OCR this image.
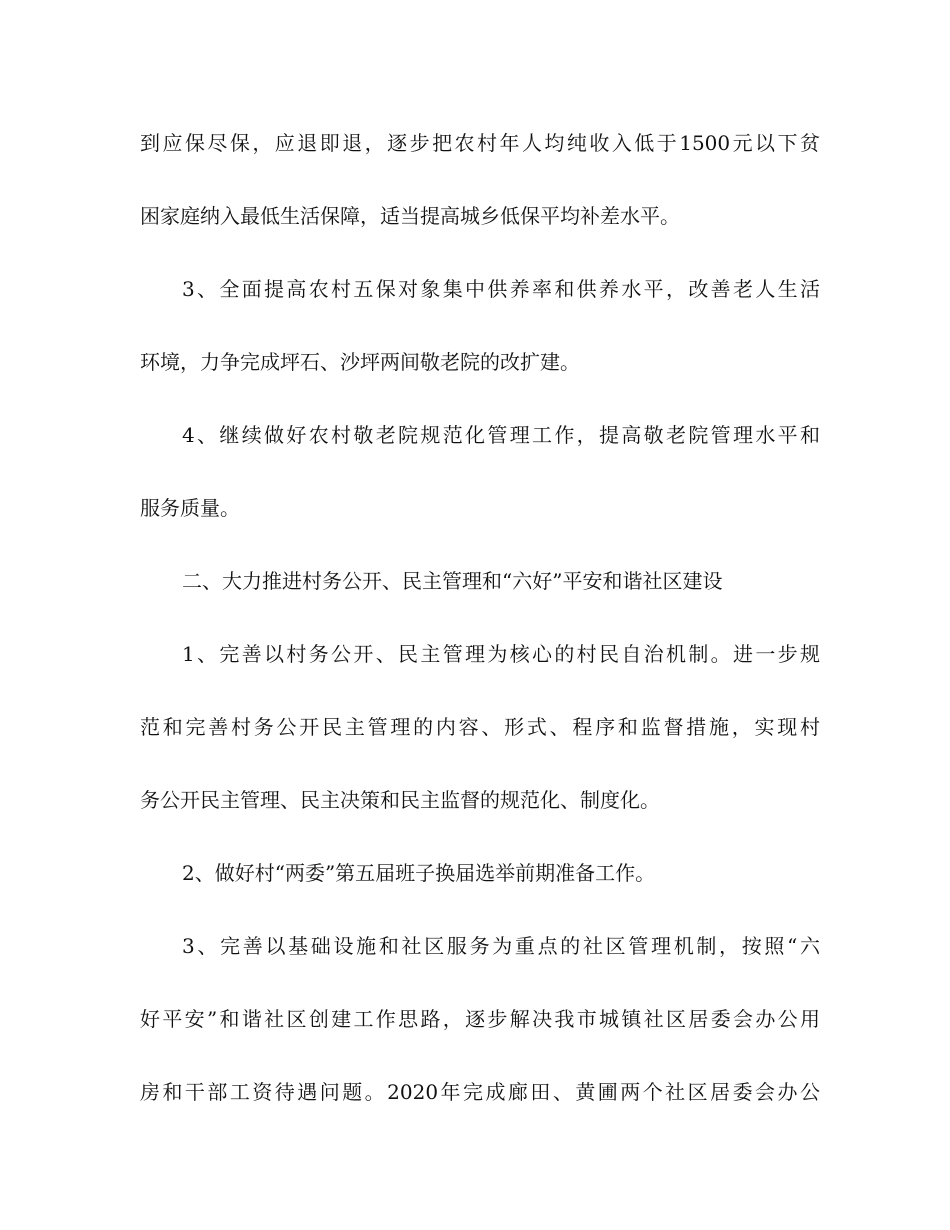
到应保尽保，应退即退，逐步把农村年人均纯收入低于1500元以下贫
困家庭纳入最低生活保障，适当提高城乡低保平均补差水平。
3、全面提高农村五保对象集中供养率和供养水平，改善老人生活
环境，力争完成坪石、沙坪两间敬老院的改扩建。
4、继续做好农村敬老院规范化管理工作，提高敬老院管理水平和
服务质量。
二、大力推进村务公开、民主管理和“六好”平安和谐社区建设
1、完善以村务公开、民主管理为核心的村民自治机制。进一步规
范和完善村务公开民主管理的内容、形式、程序和监督措施，实现村
务公开民主管理、民主决策和民主监督的规范化、制度化。
2、做好村“两委”第五届班子换届选举前期准备工作。
3、完善以基础设施和社区服务为重点的社区管理机制，按照“六
好平安”和谐社区创建工作思路，逐步解决我市城镇社区居委会办公用
房和干部工资待遇问题。2020年完成廊田、黄圃两个社区居委会办公
